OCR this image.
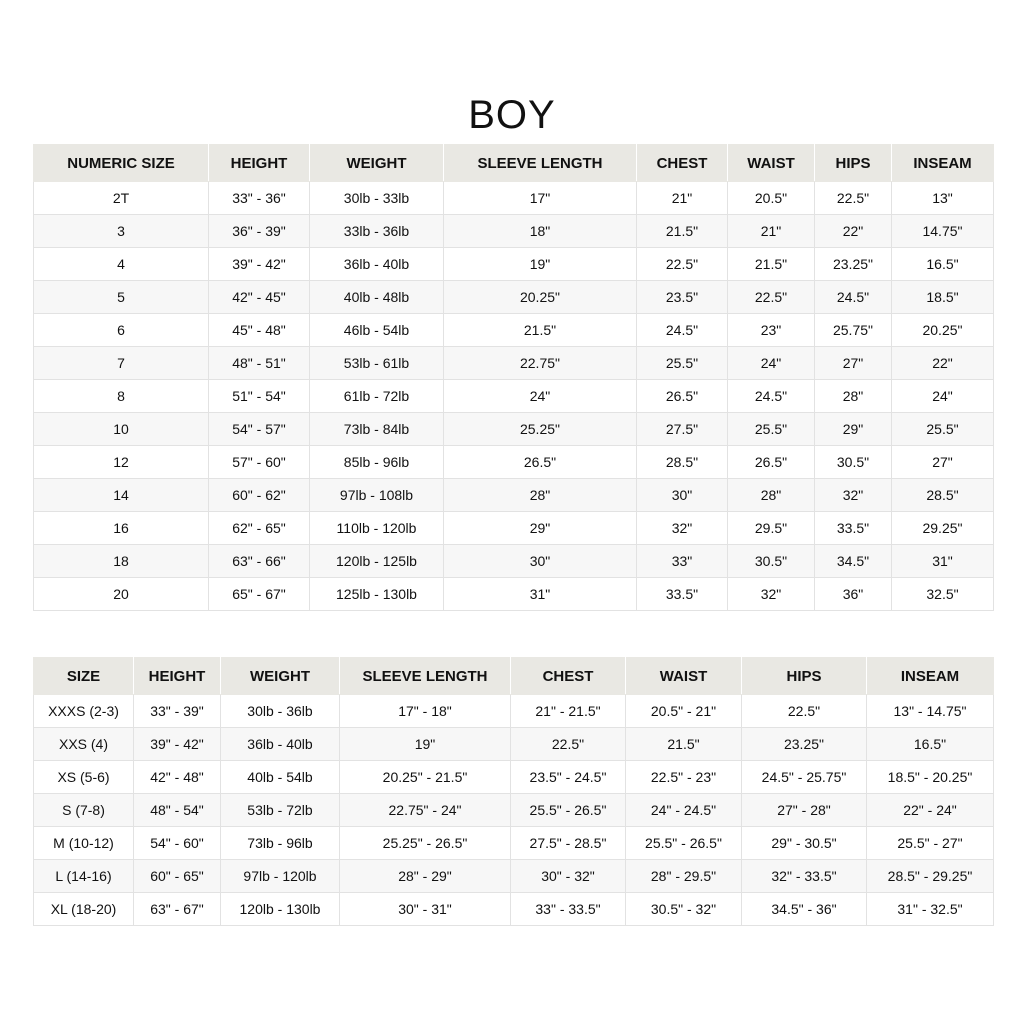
BOY
NUMERIC SIZE	HEIGHT	WEIGHT	SLEEVE LENGTH	CHEST	WAIST	HIPS	INSEAM
2T	33" - 36"	30lb - 33lb	17"	21"	20.5"	22.5"	13"
3	36" - 39"	33lb - 36lb	18"	21.5"	21"	22"	14.75"
4	39" - 42"	36lb - 40lb	19"	22.5"	21.5"	23.25"	16.5"
5	42" - 45"	40lb - 48lb	20.25"	23.5"	22.5"	24.5"	18.5"
6	45" - 48"	46lb - 54lb	21.5"	24.5"	23"	25.75"	20.25"
7	48" - 51"	53lb - 61lb	22.75"	25.5"	24"	27"	22"
8	51" - 54"	61lb - 72lb	24"	26.5"	24.5"	28"	24"
10	54" - 57"	73lb - 84lb	25.25"	27.5"	25.5"	29"	25.5"
12	57" - 60"	85lb - 96lb	26.5"	28.5"	26.5"	30.5"	27"
14	60" - 62"	97lb - 108lb	28"	30"	28"	32"	28.5"
16	62" - 65"	110lb - 120lb	29"	32"	29.5"	33.5"	29.25"
18	63" - 66"	120lb - 125lb	30"	33"	30.5"	34.5"	31"
20	65" - 67"	125lb - 130lb	31"	33.5"	32"	36"	32.5"
SIZE	HEIGHT	WEIGHT	SLEEVE LENGTH	CHEST	WAIST	HIPS	INSEAM
XXXS (2-3)	33" - 39"	30lb - 36lb	17" - 18"	21" - 21.5"	20.5" - 21"	22.5"	13" - 14.75"
XXS (4)	39" - 42"	36lb - 40lb	19"	22.5"	21.5"	23.25"	16.5"
XS (5-6)	42" - 48"	40lb - 54lb	20.25" - 21.5"	23.5" - 24.5"	22.5" - 23"	24.5" - 25.75"	18.5" - 20.25"
S (7-8)	48" - 54"	53lb - 72lb	22.75" - 24"	25.5" - 26.5"	24" - 24.5"	27" - 28"	22" - 24"
M (10-12)	54" - 60"	73lb - 96lb	25.25" - 26.5"	27.5" - 28.5"	25.5" - 26.5"	29" - 30.5"	25.5" - 27"
L (14-16)	60" - 65"	97lb - 120lb	28" - 29"	30" - 32"	28" - 29.5"	32" - 33.5"	28.5" - 29.25"
XL (18-20)	63" - 67"	120lb - 130lb	30" - 31"	33" - 33.5"	30.5" - 32"	34.5" - 36"	31" - 32.5"
